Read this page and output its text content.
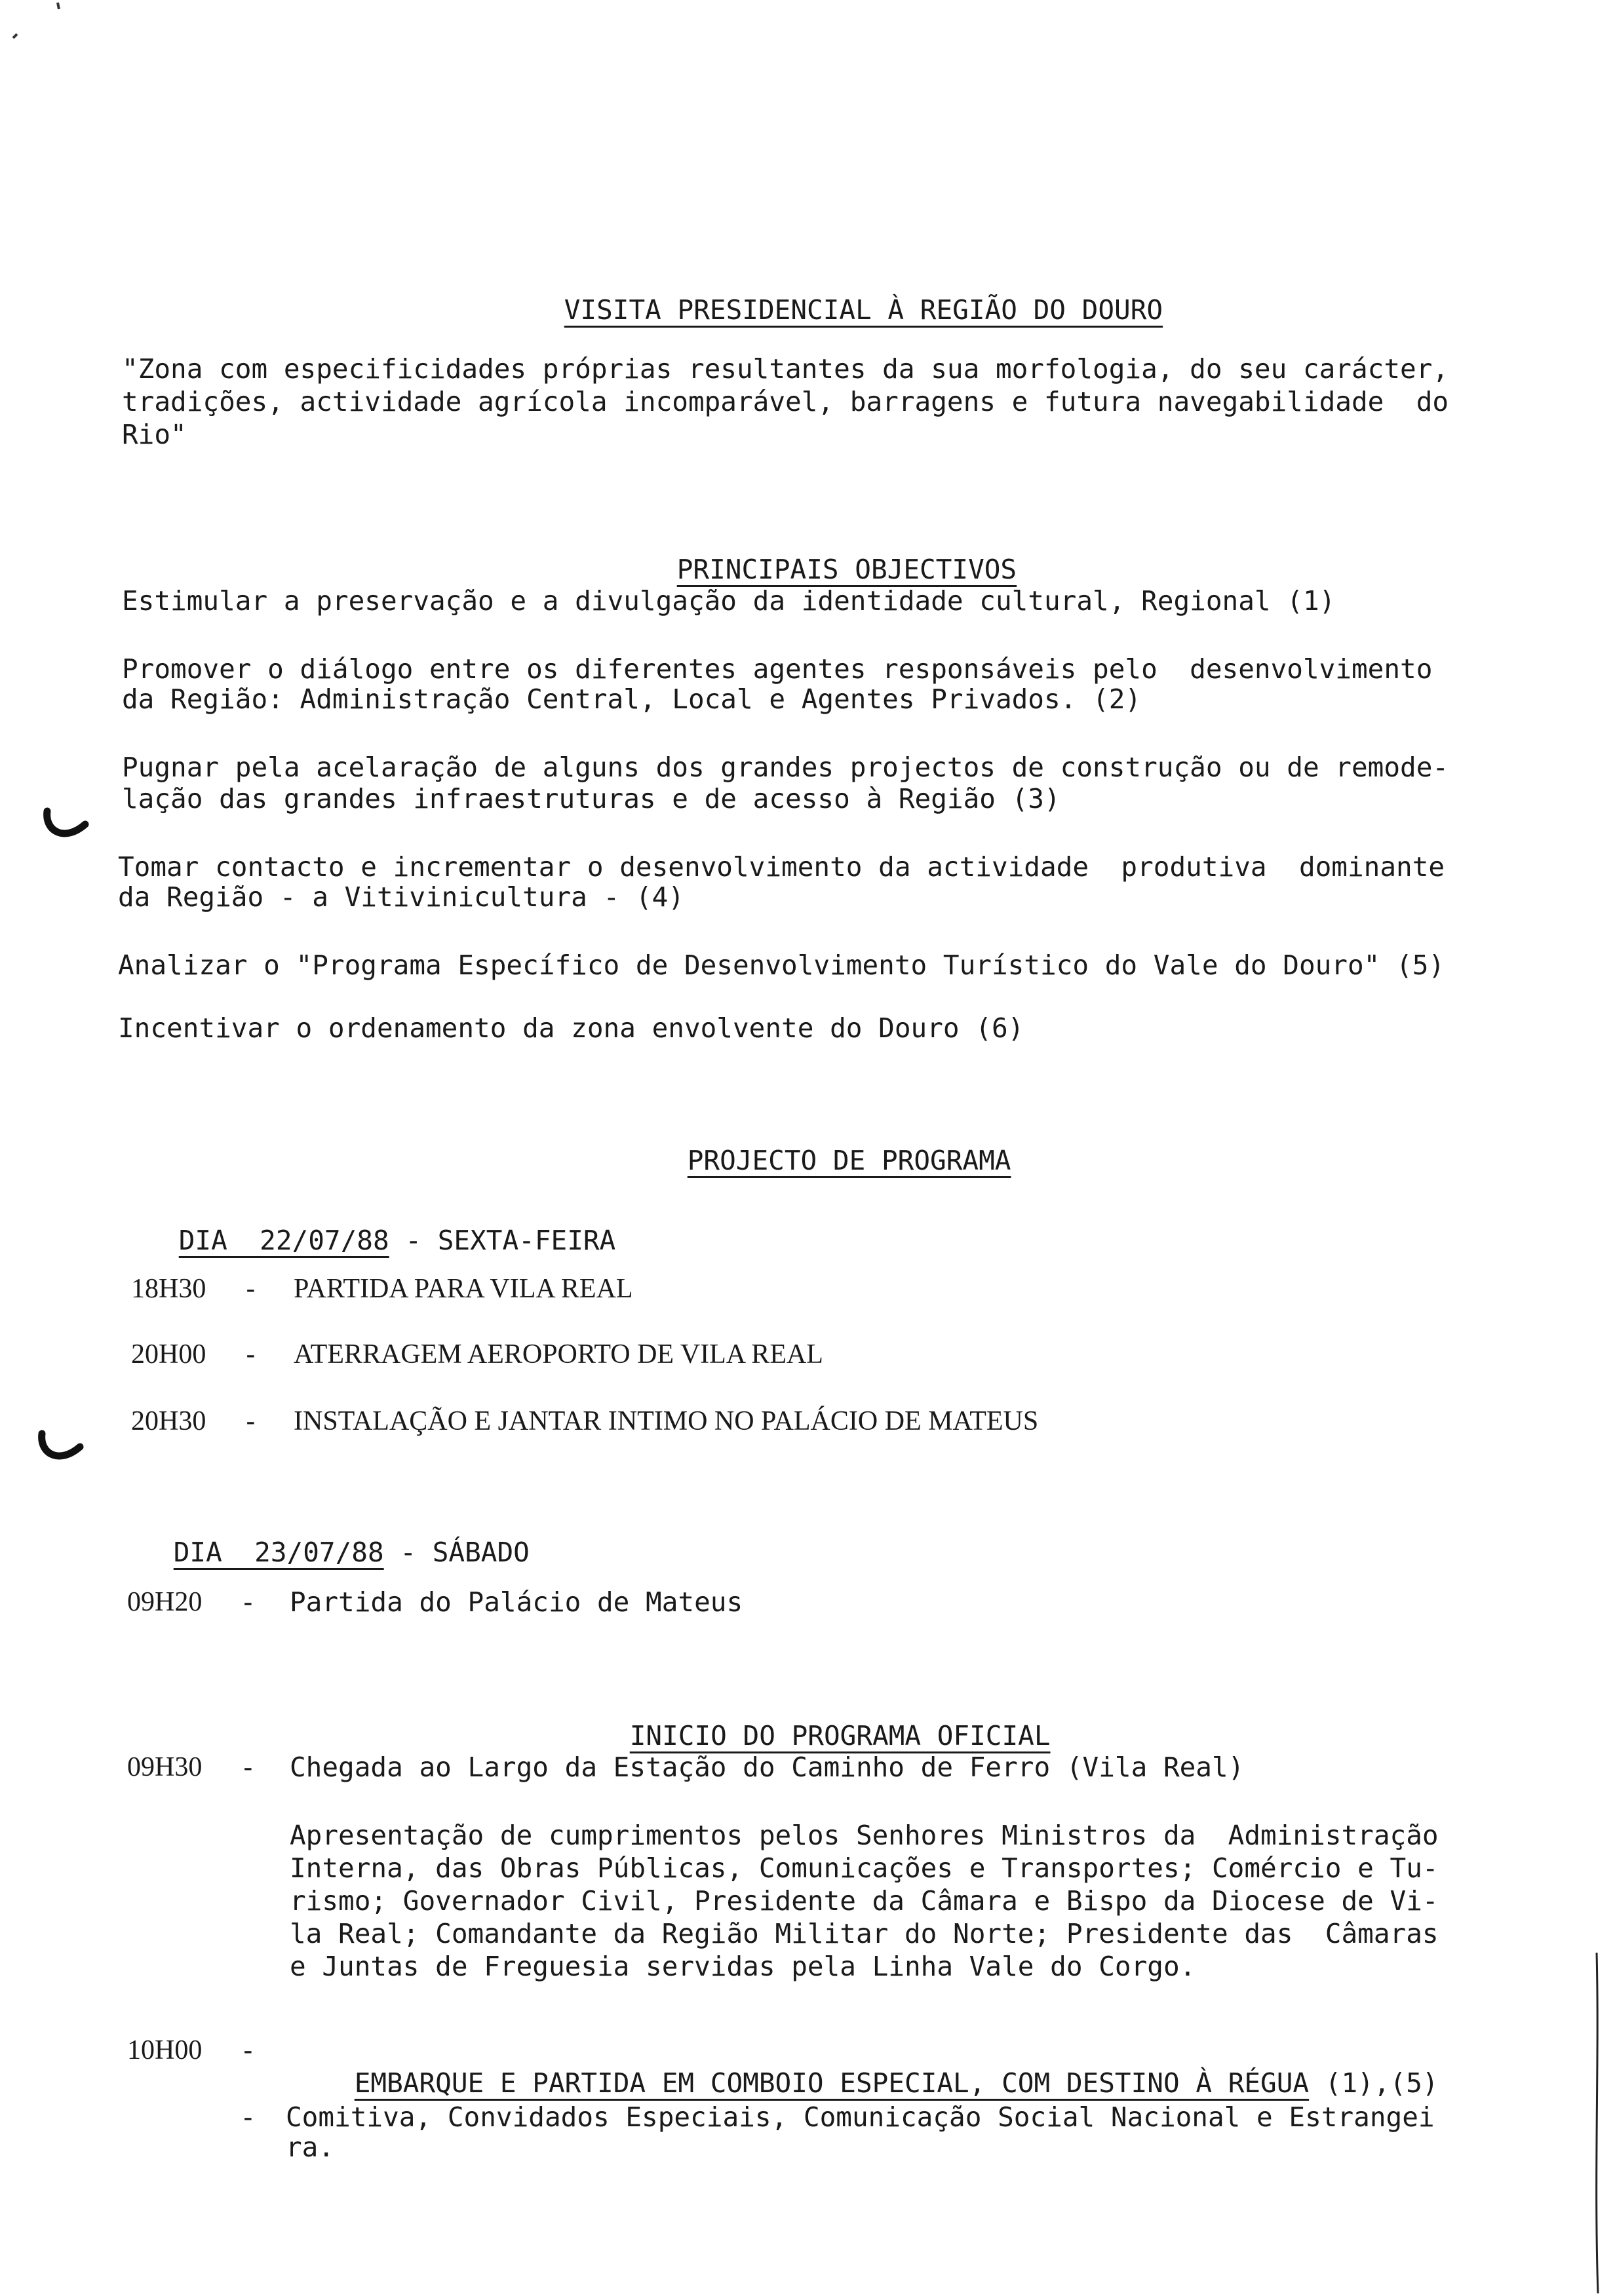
VISITA PRESIDENCIAL À REGIÃO DO DOURO

"Zona com especificidades próprias resultantes da sua morfologia, do seu carácter,
tradições, actividade agrícola incomparável, barragens e futura navegabilidade  do
Rio"

PRINCIPAIS OBJECTIVOS

Estimular a preservação e a divulgação da identidade cultural, Regional (1)
Promover o diálogo entre os diferentes agentes responsáveis pelo  desenvolvimento
da Região: Administração Central, Local e Agentes Privados. (2)
Pugnar pela acelaração de alguns dos grandes projectos de construção ou de remode-
lação das grandes infraestruturas e de acesso à Região (3)
Tomar contacto e incrementar o desenvolvimento da actividade  produtiva  dominante
da Região - a Vitivinicultura - (4)
Analizar o "Programa Específico de Desenvolvimento Turístico do Vale do Douro" (5)
Incentivar o ordenamento da zona envolvente do Douro (6)

PROJECTO DE PROGRAMA

DIA  22/07/88 - SEXTA-FEIRA

18H30 - PARTIDA PARA VILA REAL
20H00 - ATERRAGEM AEROPORTO DE VILA REAL
20H30 - INSTALAÇÃO E JANTAR INTIMO NO PALÁCIO DE MATEUS

DIA  23/07/88 - SÁBADO

09H20 - Partida do Palácio de Mateus

INICIO DO PROGRAMA OFICIAL

09H30 - Chegada ao Largo da Estação do Caminho de Ferro (Vila Real)
Apresentação de cumprimentos pelos Senhores Ministros da  Administração
Interna, das Obras Públicas, Comunicações e Transportes; Comércio e Tu-
rismo; Governador Civil, Presidente da Câmara e Bispo da Diocese de Vi-
la Real; Comandante da Região Militar do Norte; Presidente das  Câmaras
e Juntas de Freguesia servidas pela Linha Vale do Corgo.
10H00 -

EMBARQUE E PARTIDA EM COMBOIO ESPECIAL, COM DESTINO À RÉGUA (1),(5)

- Comitiva, Convidados Especiais, Comunicação Social Nacional e Estrangei
ra.
